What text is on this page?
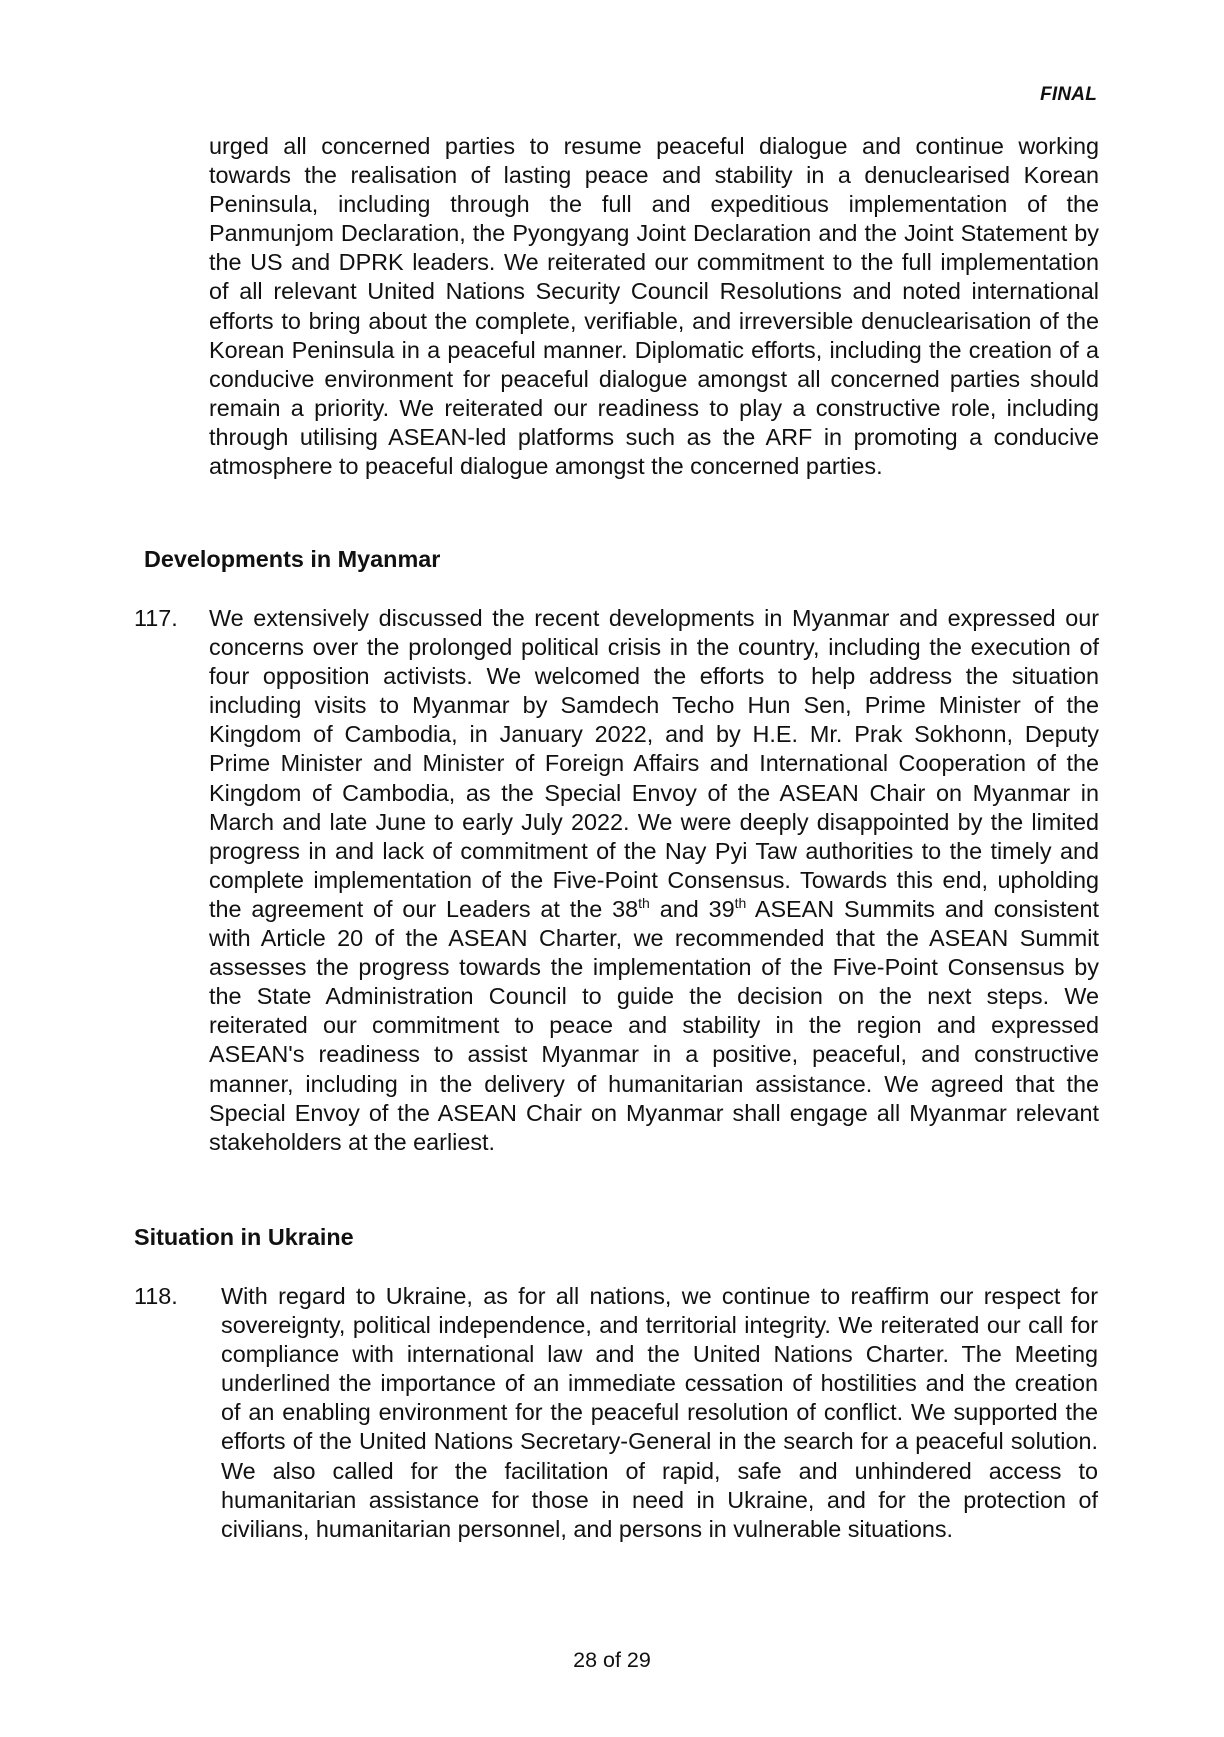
FINAL
urged all concerned parties to resume peaceful dialogue and continue working towards the realisation of lasting peace and stability in a denuclearised Korean Peninsula, including through the full and expeditious implementation of the Panmunjom Declaration, the Pyongyang Joint Declaration and the Joint Statement by the US and DPRK leaders. We reiterated our commitment to the full implementation of all relevant United Nations Security Council Resolutions and noted international efforts to bring about the complete, verifiable, and irreversible denuclearisation of the Korean Peninsula in a peaceful manner. Diplomatic efforts, including the creation of a conducive environment for peaceful dialogue amongst all concerned parties should remain a priority. We reiterated our readiness to play a constructive role, including through utilising ASEAN-led platforms such as the ARF in promoting a conducive atmosphere to peaceful dialogue amongst the concerned parties.
Developments in Myanmar
117. We extensively discussed the recent developments in Myanmar and expressed our concerns over the prolonged political crisis in the country, including the execution of four opposition activists. We welcomed the efforts to help address the situation including visits to Myanmar by Samdech Techo Hun Sen, Prime Minister of the Kingdom of Cambodia, in January 2022, and by H.E. Mr. Prak Sokhonn, Deputy Prime Minister and Minister of Foreign Affairs and International Cooperation of the Kingdom of Cambodia, as the Special Envoy of the ASEAN Chair on Myanmar in March and late June to early July 2022. We were deeply disappointed by the limited progress in and lack of commitment of the Nay Pyi Taw authorities to the timely and complete implementation of the Five-Point Consensus. Towards this end, upholding the agreement of our Leaders at the 38th and 39th ASEAN Summits and consistent with Article 20 of the ASEAN Charter, we recommended that the ASEAN Summit assesses the progress towards the implementation of the Five-Point Consensus by the State Administration Council to guide the decision on the next steps. We reiterated our commitment to peace and stability in the region and expressed ASEAN's readiness to assist Myanmar in a positive, peaceful, and constructive manner, including in the delivery of humanitarian assistance. We agreed that the Special Envoy of the ASEAN Chair on Myanmar shall engage all Myanmar relevant stakeholders at the earliest.
Situation in Ukraine
118. With regard to Ukraine, as for all nations, we continue to reaffirm our respect for sovereignty, political independence, and territorial integrity. We reiterated our call for compliance with international law and the United Nations Charter. The Meeting underlined the importance of an immediate cessation of hostilities and the creation of an enabling environment for the peaceful resolution of conflict. We supported the efforts of the United Nations Secretary-General in the search for a peaceful solution. We also called for the facilitation of rapid, safe and unhindered access to humanitarian assistance for those in need in Ukraine, and for the protection of civilians, humanitarian personnel, and persons in vulnerable situations.
28 of 29
